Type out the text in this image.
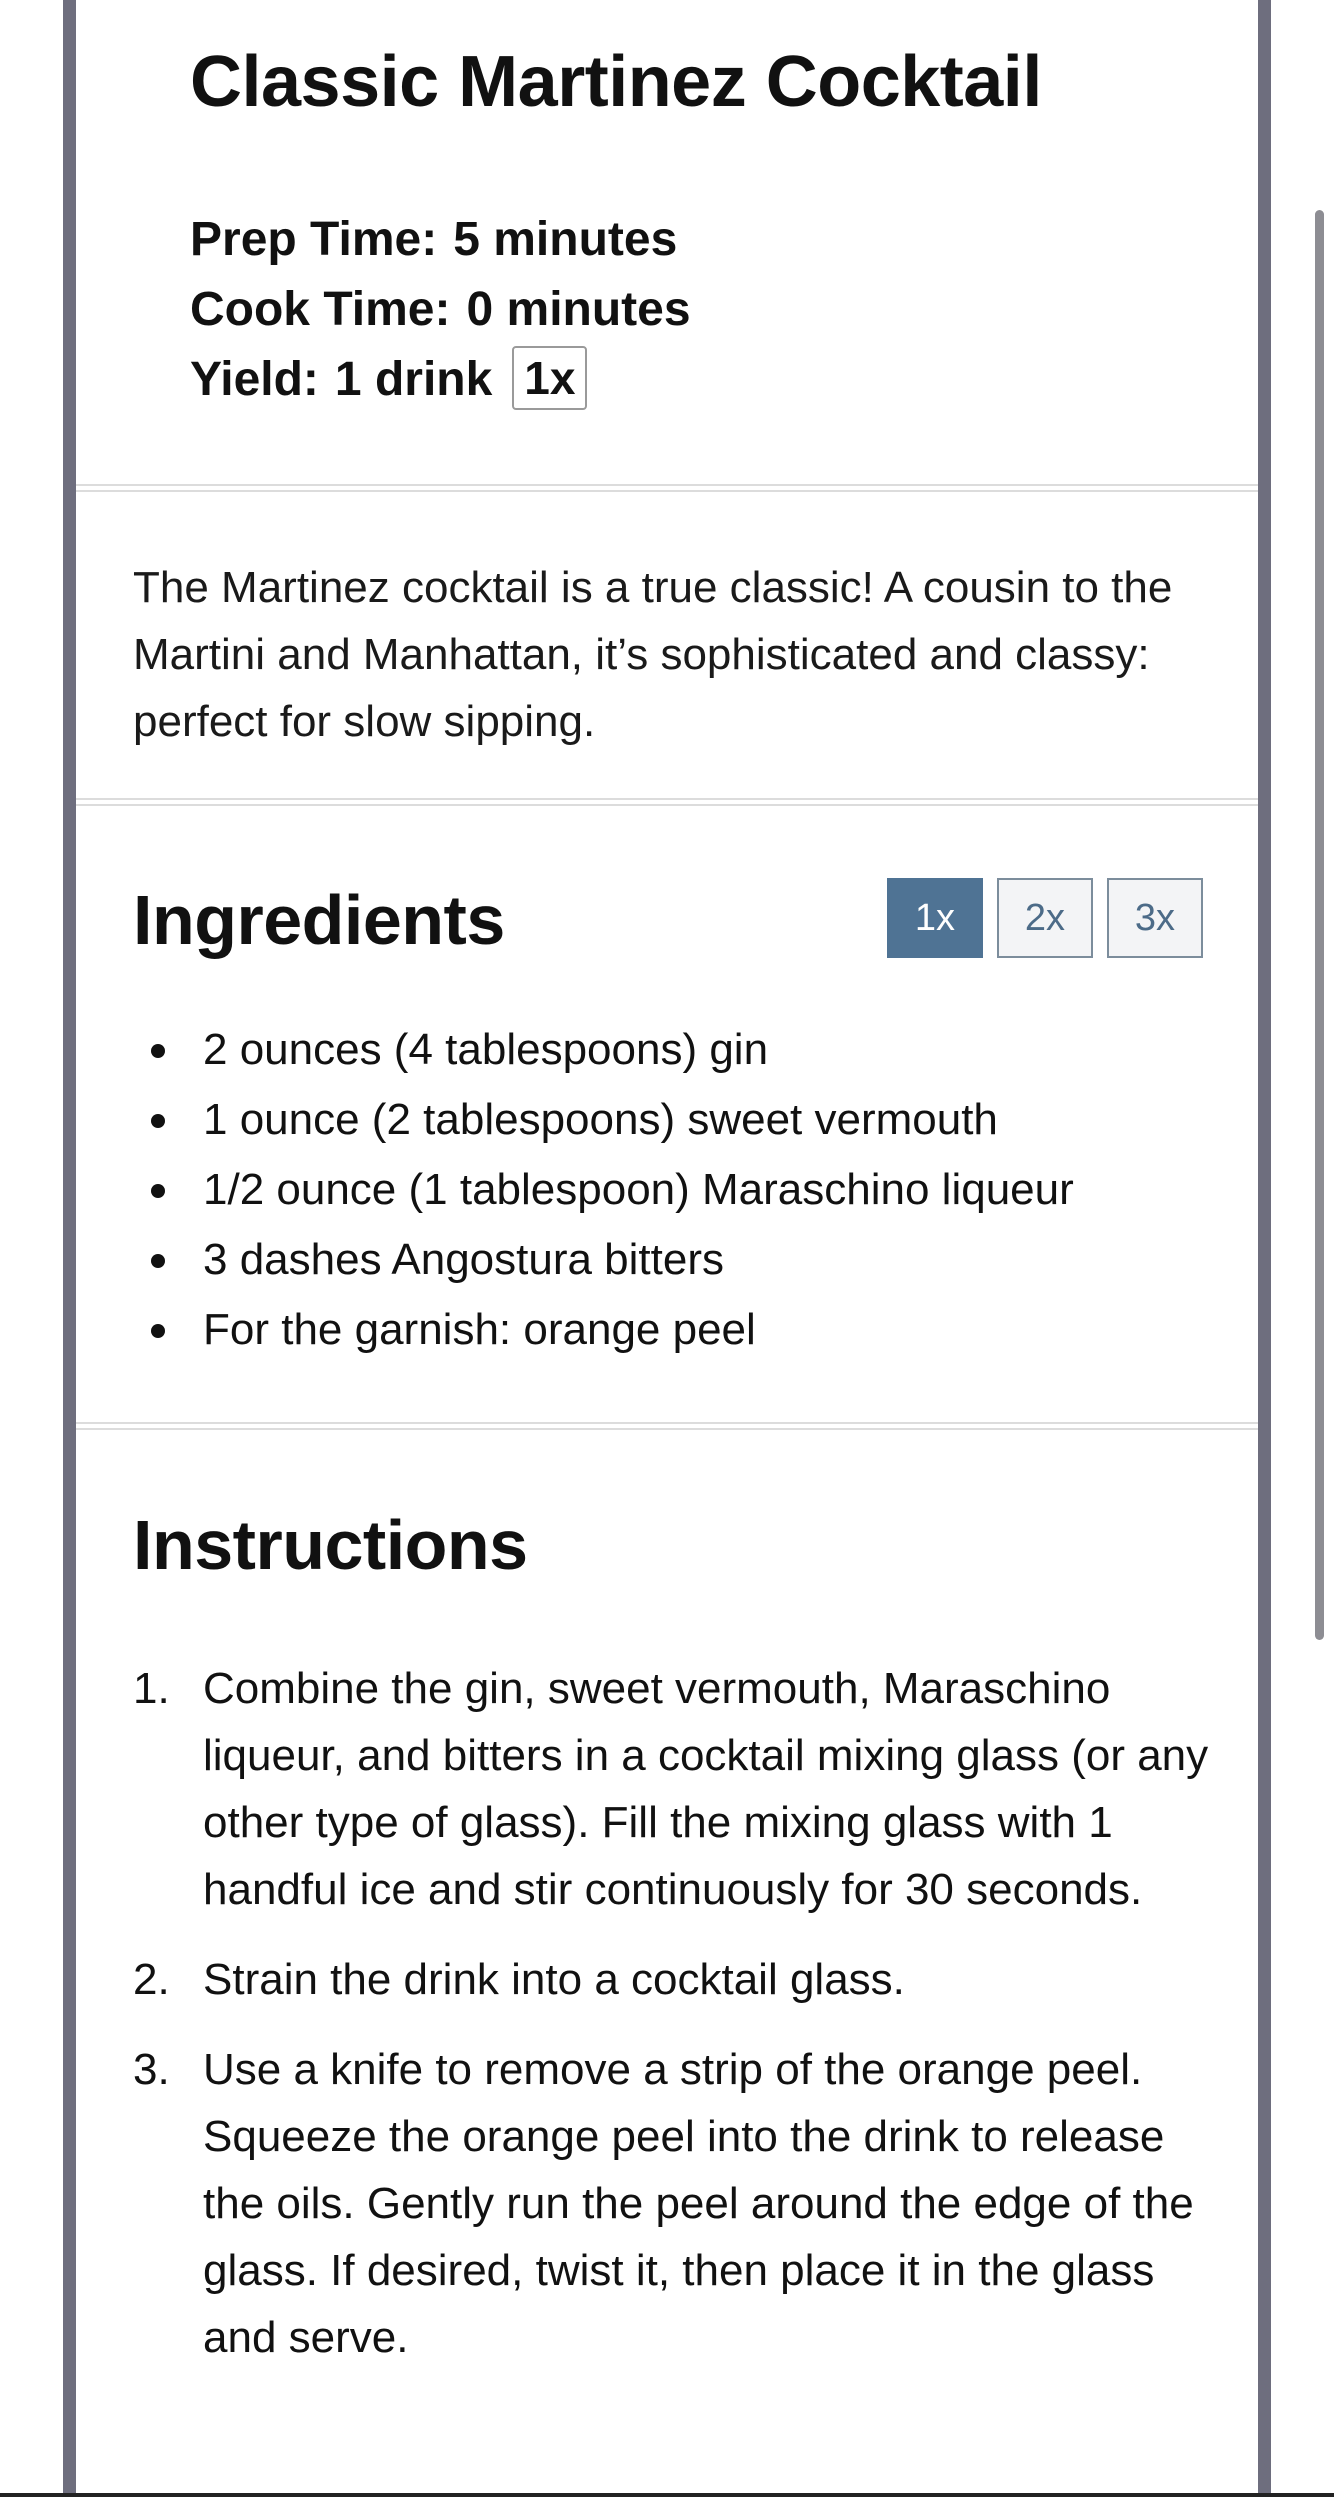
Classic Martinez Cocktail
Prep Time: 5 minutes
Cook Time: 0 minutes
Yield: 1 drink 1x

The Martinez cocktail is a true classic! A cousin to the Martini and Manhattan, it’s sophisticated and classy: perfect for slow sipping.

Ingredients	1x	2x	3x
2 ounces (4 tablespoons) gin
1 ounce (2 tablespoons) sweet vermouth
1/2 ounce (1 tablespoon) Maraschino liqueur
3 dashes Angostura bitters
For the garnish: orange peel
Instructions
1. Combine the gin, sweet vermouth, Maraschino liqueur, and bitters in a cocktail mixing glass (or any other type of glass). Fill the mixing glass with 1 handful ice and stir continuously for 30 seconds.
2. Strain the drink into a cocktail glass.
3. Use a knife to remove a strip of the orange peel. Squeeze the orange peel into the drink to release the oils. Gently run the peel around the edge of the glass. If desired, twist it, then place it in the glass and serve.
